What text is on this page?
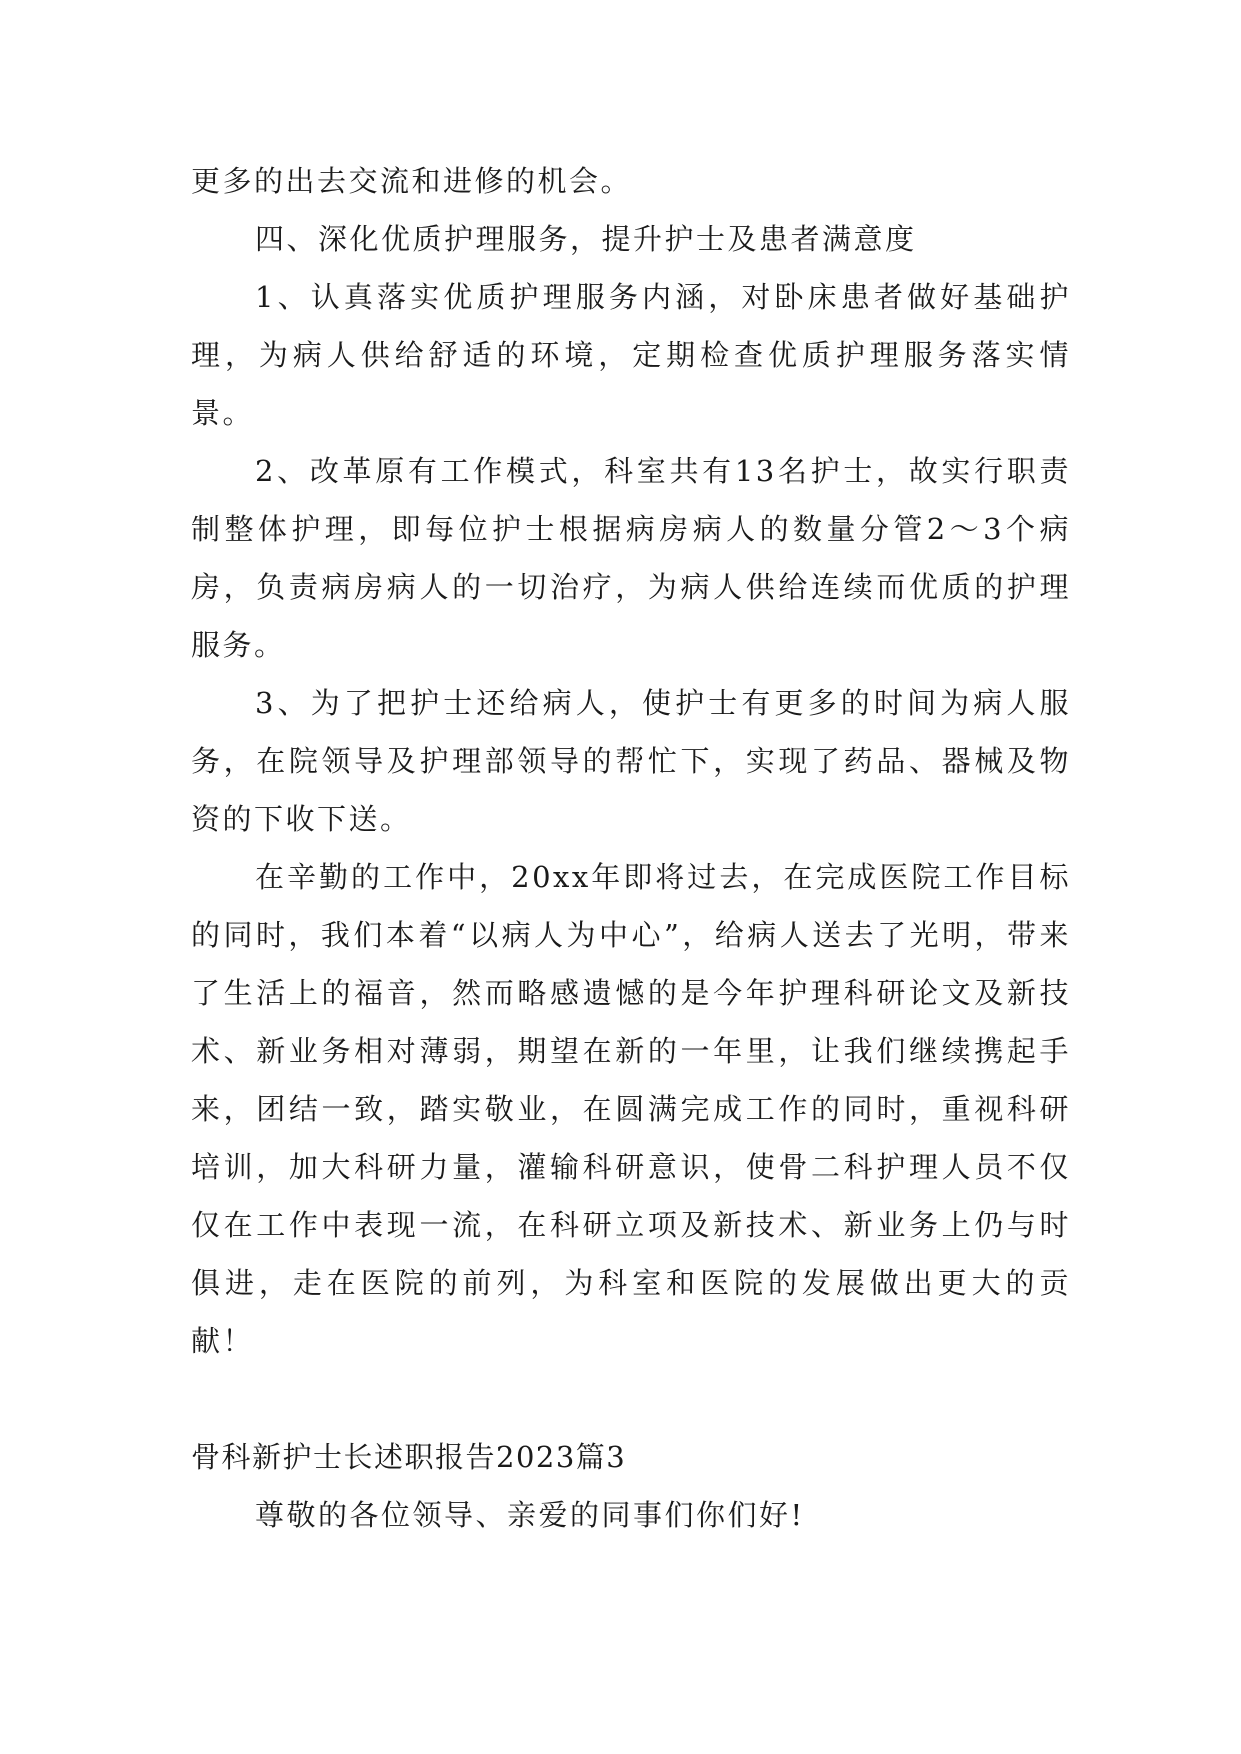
更多的出去交流和进修的机会。

四、深化优质护理服务，提升护士及患者满意度

1、认真落实优质护理服务内涵，对卧床患者做好基础护理，为病人供给舒适的环境，定期检查优质护理服务落实情景。

2、改革原有工作模式，科室共有13名护士，故实行职责制整体护理，即每位护士根据病房病人的数量分管2～3个病房，负责病房病人的一切治疗，为病人供给连续而优质的护理服务。

3、为了把护士还给病人，使护士有更多的时间为病人服务，在院领导及护理部领导的帮忙下，实现了药品、器械及物资的下收下送。

在辛勤的工作中，20xx年即将过去，在完成医院工作目标的同时，我们本着“以病人为中心”，给病人送去了光明，带来了生活上的福音，然而略感遗憾的是今年护理科研论文及新技术、新业务相对薄弱，期望在新的一年里，让我们继续携起手来，团结一致，踏实敬业，在圆满完成工作的同时，重视科研培训，加大科研力量，灌输科研意识，使骨二科护理人员不仅仅在工作中表现一流，在科研立项及新技术、新业务上仍与时俱进，走在医院的前列，为科室和医院的发展做出更大的贡献！

骨科新护士长述职报告2023篇3

尊敬的各位领导、亲爱的同事们你们好!
